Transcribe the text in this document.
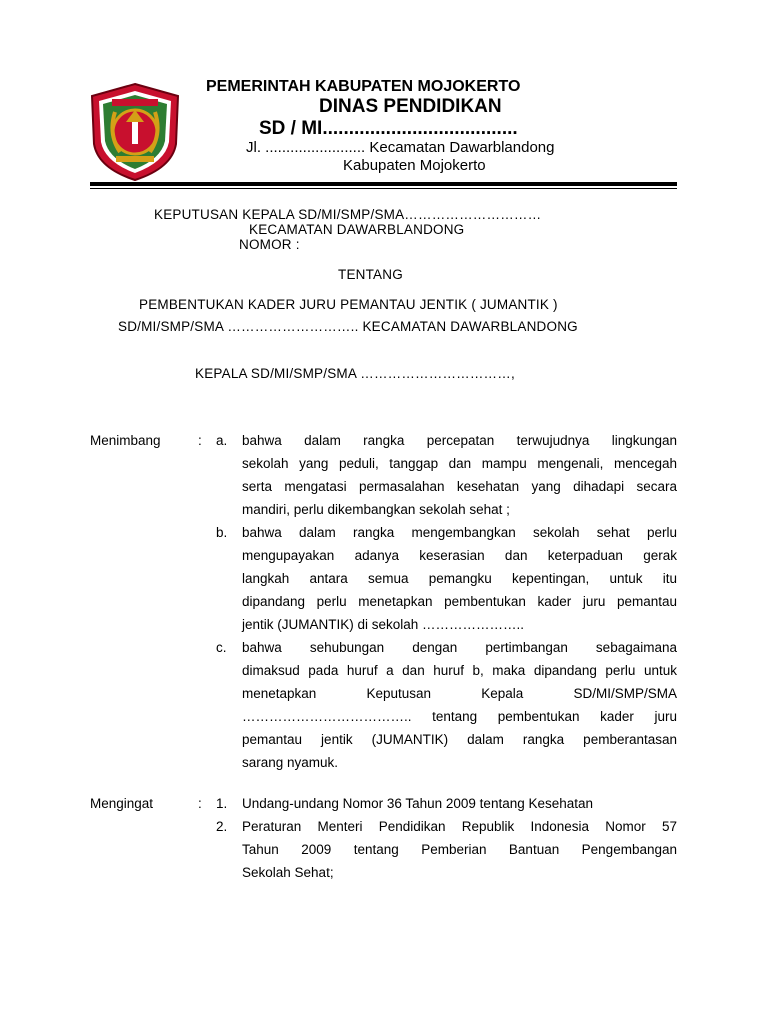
PEMERINTAH KABUPATEN MOJOKERTO
DINAS PENDIDIKAN
SD / MI.....................................
Jl. ........................ Kecamatan Dawarblandong
Kabupaten Mojokerto
KEPUTUSAN KEPALA SD/MI/SMP/SMA…………………………
KECAMATAN DAWARBLANDONG
NOMOR :
TENTANG
PEMBENTUKAN KADER JURU PEMANTAU JENTIK ( JUMANTIK )
SD/MI/SMP/SMA ……………………….. KECAMATAN DAWARBLANDONG
KEPALA SD/MI/SMP/SMA ……………………………,
Menimbang	: a. bahwa dalam rangka percepatan terwujudnya lingkungan
sekolah yang peduli, tanggap dan mampu mengenali, mencegah
serta mengatasi permasalahan kesehatan yang dihadapi secara
mandiri, perlu dikembangkan sekolah sehat ;
b. bahwa dalam rangka mengembangkan sekolah sehat perlu
mengupayakan adanya keserasian dan keterpaduan gerak
langkah antara semua pemangku kepentingan, untuk itu
dipandang perlu menetapkan pembentukan kader juru pemantau
jentik (JUMANTIK) di sekolah …………………..
c. bahwa sehubungan dengan pertimbangan sebagaimana
dimaksud pada huruf a dan huruf b, maka dipandang perlu untuk
menetapkan Keputusan Kepala SD/MI/SMP/SMA
……………………………….. tentang pembentukan kader juru
pemantau jentik (JUMANTIK) dalam rangka pemberantasan
sarang nyamuk.
Mengingat	: 1. Undang-undang Nomor 36 Tahun 2009 tentang Kesehatan
2. Peraturan Menteri Pendidikan Republik Indonesia Nomor 57
Tahun 2009 tentang Pemberian Bantuan Pengembangan
Sekolah Sehat;
